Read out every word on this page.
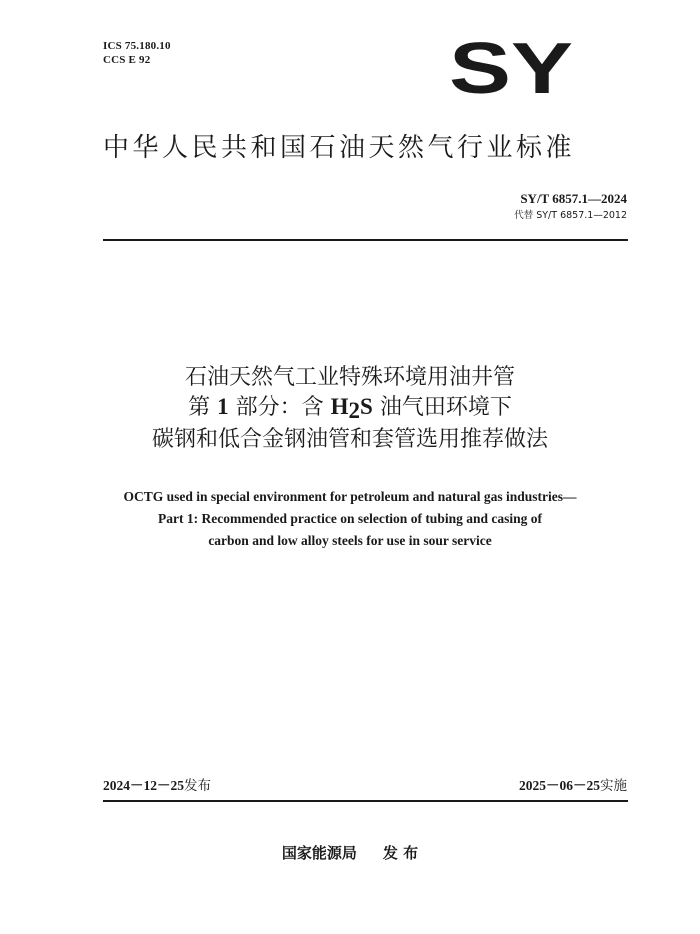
ICS 75.180.10
CCS E 92	SY
中华人民共和国石油天然气行业标准
SY/T 6857.1—2024
代替 SY/T 6857.1—2012
石油天然气工业特殊环境用油井管
第 1 部分：含 H2S 油气田环境下
碳钢和低合金钢油管和套管选用推荐做法
OCTG used in special environment for petroleum and natural gas industries—
Part 1: Recommended practice on selection of tubing and casing of
carbon and low alloy steels for use in sour service
2024－12－25发布	2025－06－25实施
国家能源局 发 布
